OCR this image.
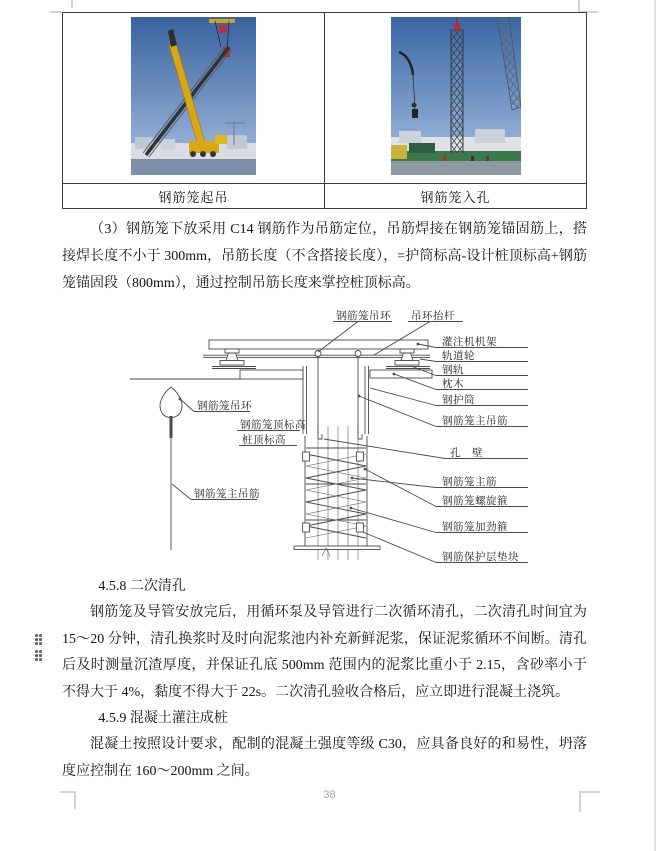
钢筋笼起吊	钢筋笼入孔

（3）钢筋笼下放采用 C14 钢筋作为吊筋定位，吊筋焊接在钢筋笼锚固筋上，搭接焊长度不小于 300mm，吊筋长度（不含搭接长度），=护筒标高-设计桩顶标高+钢筋笼锚固段（800mm），通过控制吊筋长度来掌控桩顶标高。

钢筋笼吊环 吊环抬杆
灌注机机架
轨道轮
钢轨
枕木
钢护筒
钢筋笼主吊筋
孔　壁
钢筋笼主筋
钢筋笼螺旋箍
钢筋笼加劲箍
钢筋保护层垫块
钢筋笼吊环
钢筋笼顶标高
桩顶标高
钢筋笼主吊筋
4.5.8 二次清孔

钢筋笼及导管安放完后，用循环泵及导管进行二次循环清孔，二次清孔时间宜为 15～20 分钟，清孔换浆时及时向泥浆池内补充新鲜泥浆，保证泥浆循环不间断。清孔后及时测量沉渣厚度，并保证孔底 500mm 范围内的泥浆比重小于 2.15，含砂率小于不得大于 4%，黏度不得大于 22s。二次清孔验收合格后，应立即进行混凝土浇筑。

4.5.9 混凝土灌注成桩

混凝土按照设计要求，配制的混凝土强度等级 C30，应具备良好的和易性，坍落度应控制在 160～200mm 之间。

38
